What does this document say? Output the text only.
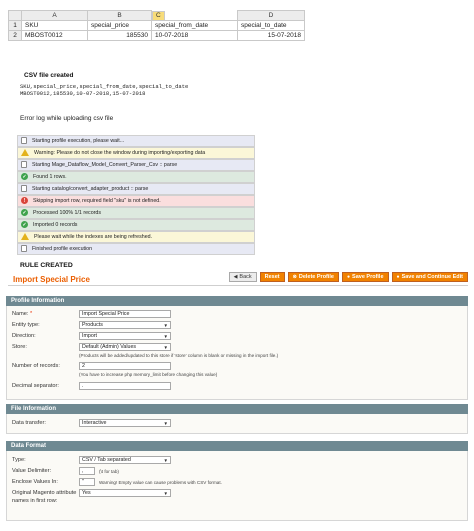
	A	B		C	D
1	SKU	special_price	special_from_date	special_to_date
2	MBOST0012	185530	10-07-2018	15-07-2018
CSV file created
SKU,special_price,special_from_date,special_to_date
MBOST0012,185530,10-07-2018,15-07-2018
Error log while uploading csv file
Starting profile execution, please wait...
Warning: Please do not close the window during importing/exporting data
Starting Mage_Dataflow_Model_Convert_Parser_Csv :: parse
✓ Found 1 rows.
Starting catalog/convert_adapter_product :: parse
!	Skipping import row, required field "sku" is not defined.
✓ Processed 100% 1/1 records
✓ Imported 0 records
Please wait while the indexes are being refreshed.
Finished profile execution
RULE CREATED
Import Special Price	◀ Back Reset	⊗ Delete Profile	● Save Profile	● Save and Continue Edit
Profile Information
Name: *	Import Special Price
Entity type:	Products	▼
Direction:	Import	▼
Store:	Default (Admin) Values	▼
(Products will be added/updated to this store if 'store' column is blank or missing in the import file.)
Number of records:	2
(You have to increase php memory_limit before changing this value)
Decimal separator:	.
File Information
Data transfer:	Interactive	▼
Data Format
Type:	CSV / Tab separated	▼
Value Delimiter:	,	(\t for tab)
Enclose Values In:	"	Warning! Empty value can cause problems with CSV format.
Original Magento attribute
names in first row:
Yes	▼
